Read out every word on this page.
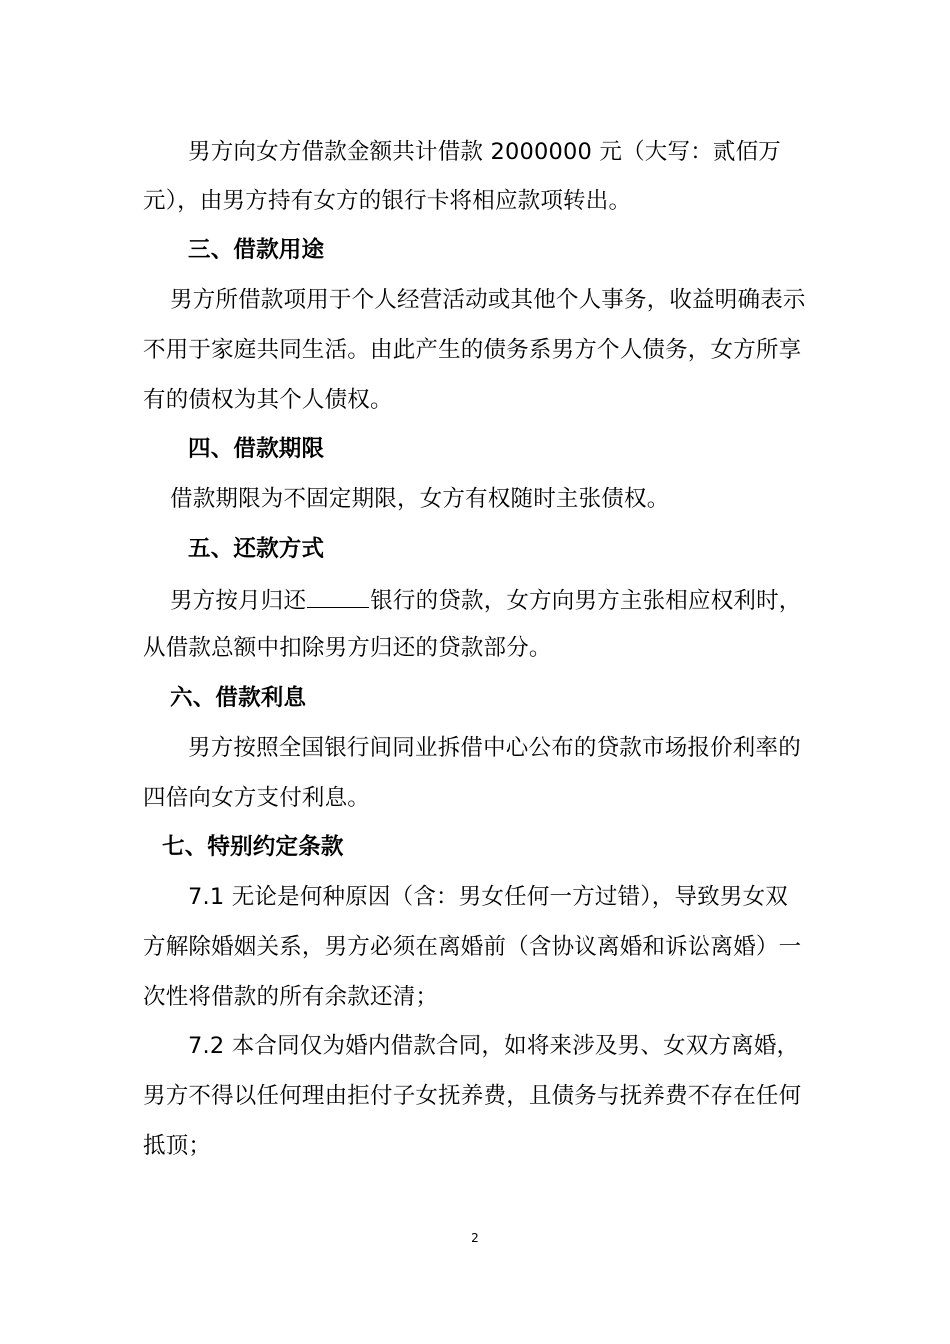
男方向女方借款金额共计借款 2000000 元（大写：贰佰万
元），由男方持有女方的银行卡将相应款项转出。
三、借款用途
男方所借款项用于个人经营活动或其他个人事务，收益明确表示
不用于家庭共同生活。由此产生的债务系男方个人债务，女方所享
有的债权为其个人债权。
四、借款期限
借款期限为不固定期限，女方有权随时主张债权。
五、还款方式
男方按月归还	银行的贷款，女方向男方主张相应权利时，
从借款总额中扣除男方归还的贷款部分。
六、借款利息
男方按照全国银行间同业拆借中心公布的贷款市场报价利率的
四倍向女方支付利息。
七、特别约定条款
7.1 无论是何种原因（含：男女任何一方过错），导致男女双
方解除婚姻关系，男方必须在离婚前（含协议离婚和诉讼离婚）一
次性将借款的所有余款还清；
7.2 本合同仅为婚内借款合同，如将来涉及男、女双方离婚，
男方不得以任何理由拒付子女抚养费，且债务与抚养费不存在任何
抵顶；
2
